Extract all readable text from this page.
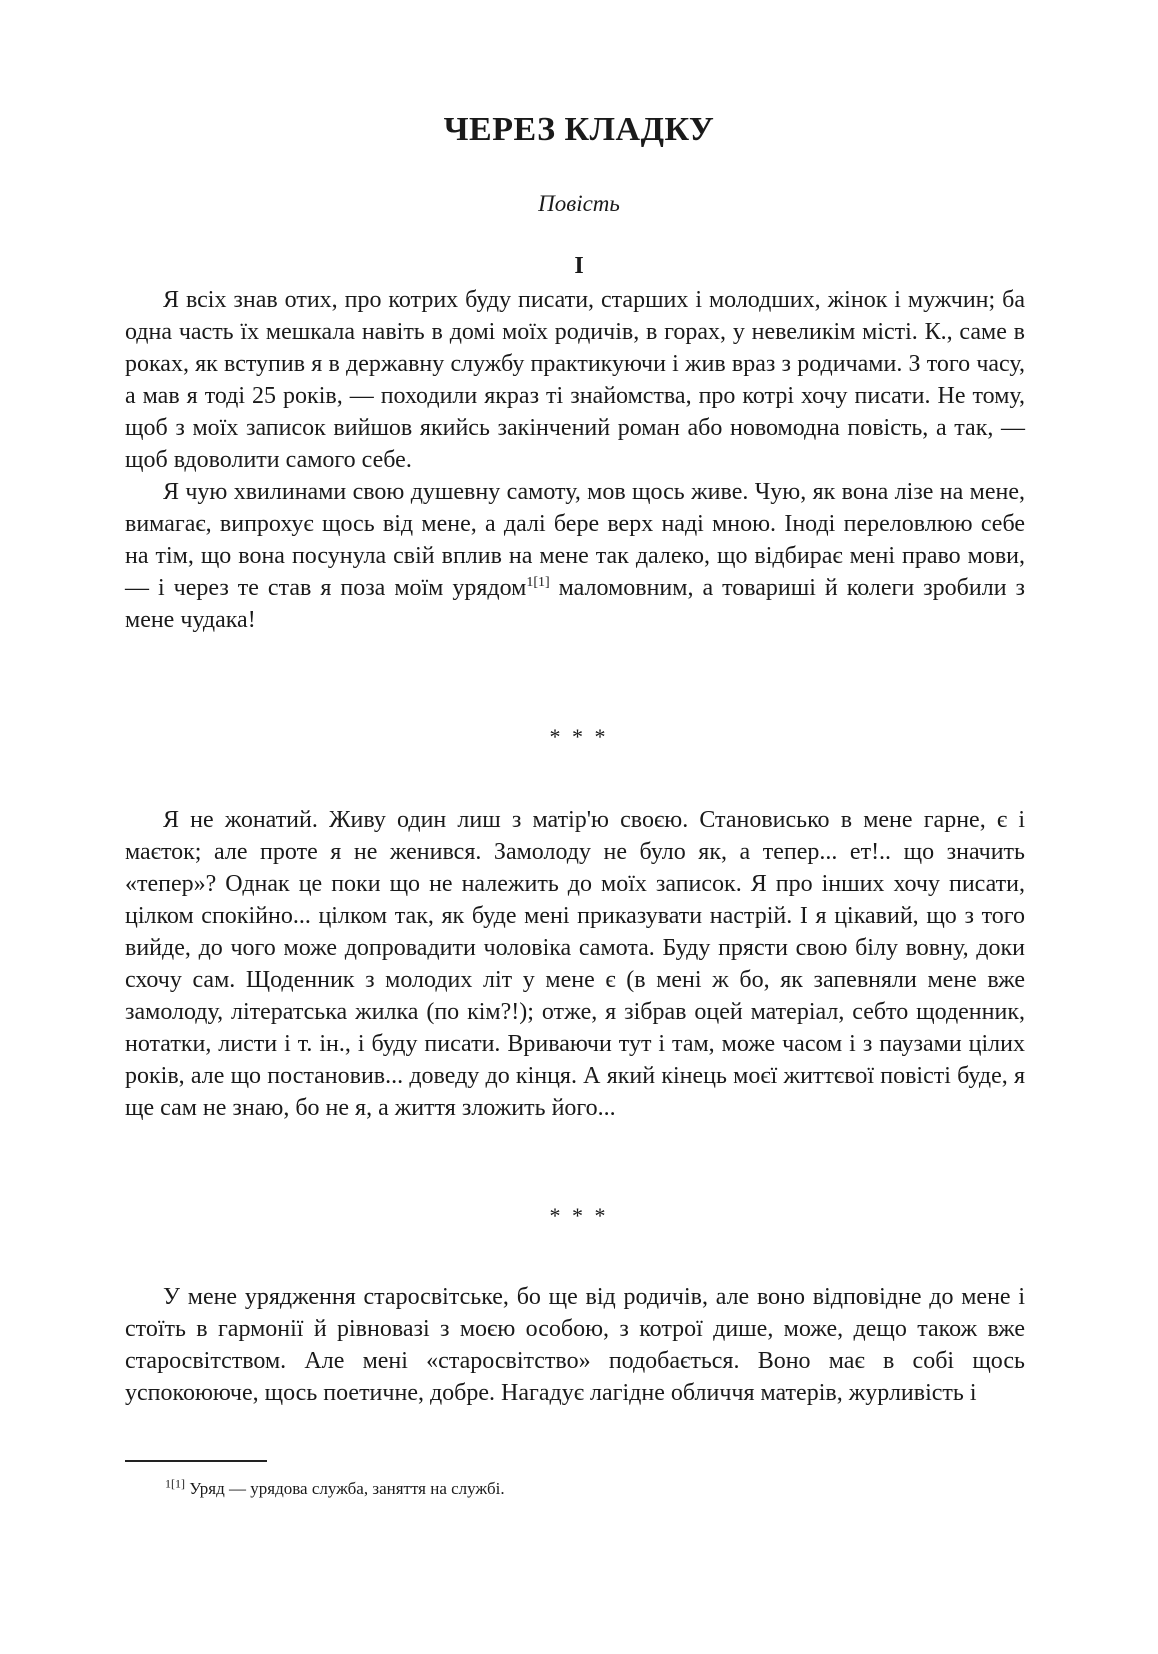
ЧЕРЕЗ КЛАДКУ
Повість
I

Я всіх знав отих, про котрих буду писати, старших і молодших, жінок і мужчин; ба одна часть їх мешкала навіть в домі моїх родичів, в горах, у невеликім місті. К., саме в роках, як вступив я в державну службу практикуючи і жив враз з родичами. З того часу, а мав я тоді 25 років, — походили якраз ті знайомства, про котрі хочу писати. Не тому, щоб з моїх записок вийшов якийсь закінчений роман або новомодна повість, а так, — щоб вдоволити самого себе.

Я чую хвилинами свою душевну самоту, мов щось живе. Чую, як вона лізе на мене, вимагає, випрохує щось від мене, а далі бере верх наді мною. Іноді переловлюю себе на тім, що вона посунула свій вплив на мене так далеко, що відбирає мені право мови, — і через те став я поза моїм урядом$^{1[1]}$ маломовним, а товариші й колеги зробили з мене чудака!

* * *

Я не жонатий. Живу один лиш з матір'ю своєю. Становисько в мене гарне, є і маєток; але проте я не женився. Замолоду не було як, а тепер... ет!.. що значить «тепер»? Однак це поки що не належить до моїх записок. Я про інших хочу писати, цілком спокійно... цілком так, як буде мені приказувати настрій. І я цікавий, що з того вийде, до чого може допровадити чоловіка самота. Буду прясти свою білу вовну, доки схочу сам. Щоденник з молодих літ у мене є (в мені ж бо, як запевняли мене вже замолоду, літератська жилка (по кім?!); отже, я зібрав оцей матеріал, себто щоденник, нотатки, листи і т. ін., і буду писати. Вриваючи тут і там, може часом і з паузами цілих років, але що постановив... доведу до кінця. А який кінець моєї життєвої повісті буде, я ще сам не знаю, бо не я, а життя зложить його...

* * *

У мене урядження старосвітське, бо ще від родичів, але воно відповідне до мене і стоїть в гармонії й рівновазі з моєю особою, з котрої дише, може, дещо також вже старосвітством. Але мені «старосвітство» подобається. Воно має в собі щось успокоююче, щось поетичне, добре. Нагадує лагідне обличчя матерів, журливість і

$^{1[1]}$ Уряд — урядова служба, заняття на службі.
